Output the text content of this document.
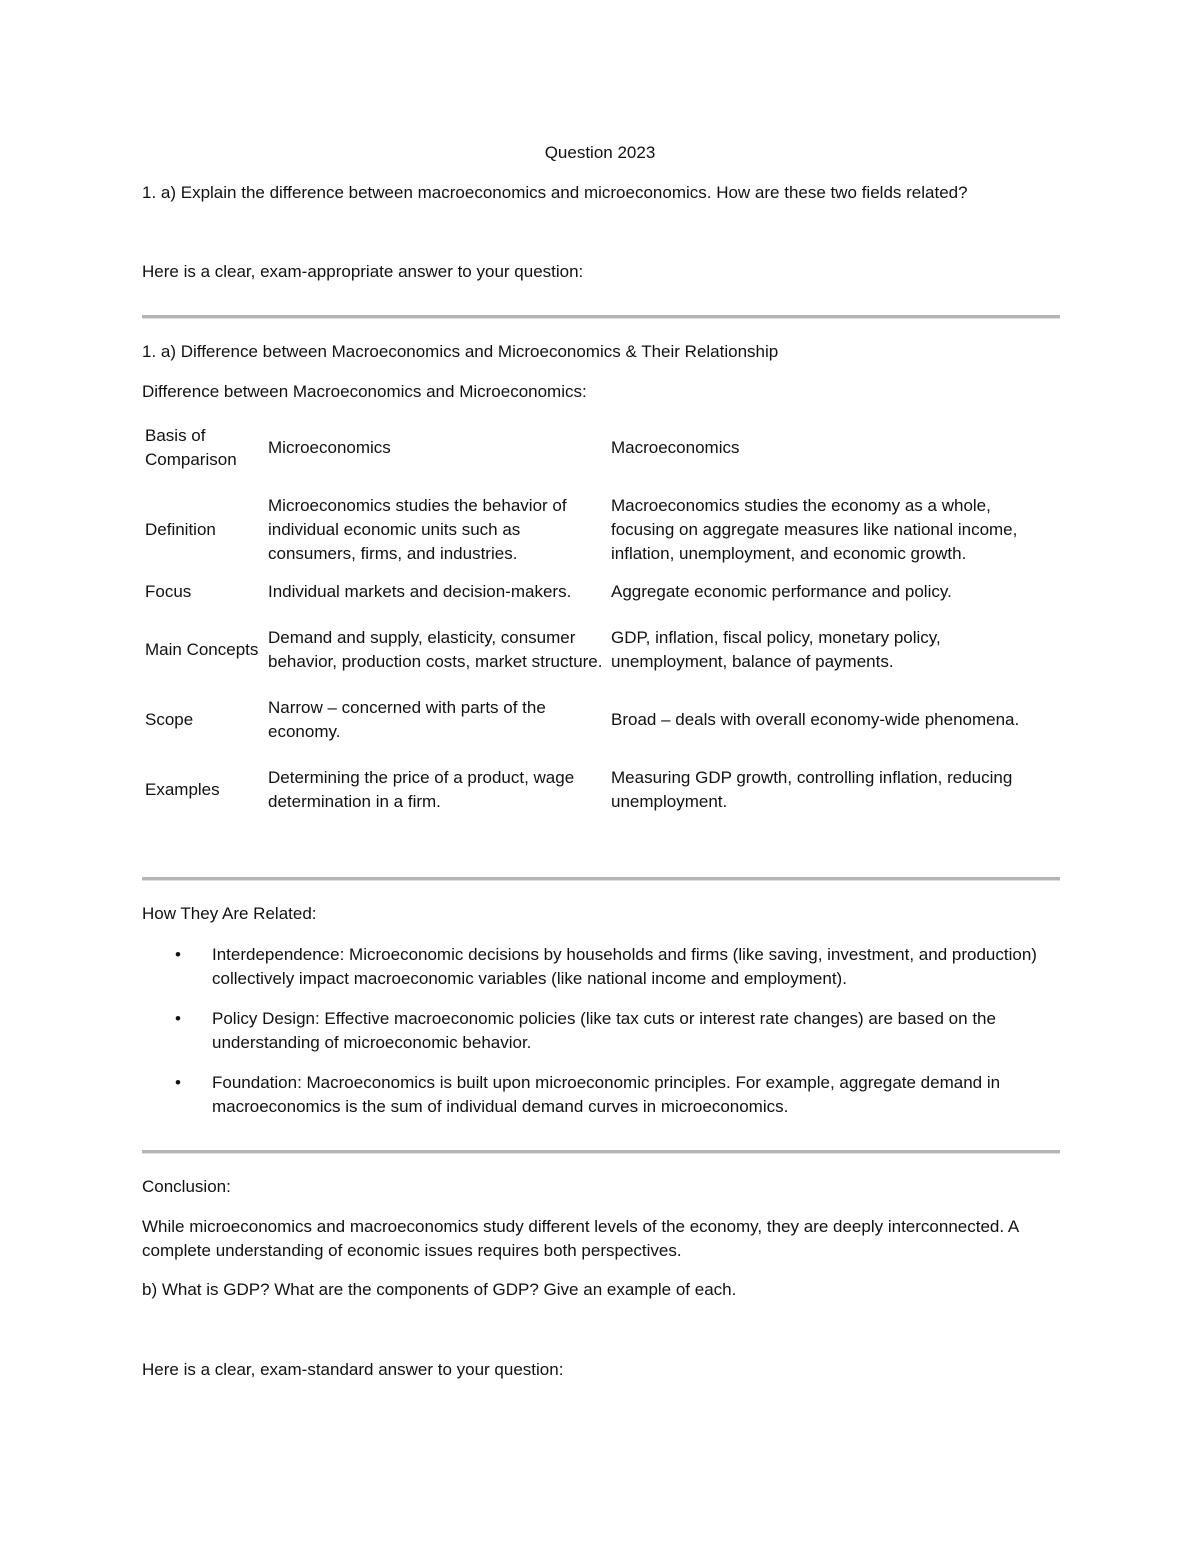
Question 2023

1. a) Explain the difference between macroeconomics and microeconomics. How are these two fields related?

Here is a clear, exam-appropriate answer to your question:

1. a) Difference between Macroeconomics and Microeconomics & Their Relationship

Difference between Macroeconomics and Microeconomics:

Basis of Comparison	Microeconomics	Macroeconomics
Definition	Microeconomics studies the behavior of individual economic units such as consumers, firms, and industries.	Macroeconomics studies the economy as a whole, focusing on aggregate measures like national income, inflation, unemployment, and economic growth.
Focus	Individual markets and decision-makers.	Aggregate economic performance and policy.
Main Concepts	Demand and supply, elasticity, consumer behavior, production costs, market structure.	GDP, inflation, fiscal policy, monetary policy, unemployment, balance of payments.
Scope	Narrow – concerned with parts of the economy.	Broad – deals with overall economy-wide phenomena.
Examples	Determining the price of a product, wage determination in a firm.	Measuring GDP growth, controlling inflation, reducing unemployment.

How They Are Related:

• Interdependence: Microeconomic decisions by households and firms (like saving, investment, and production) collectively impact macroeconomic variables (like national income and employment).
• Policy Design: Effective macroeconomic policies (like tax cuts or interest rate changes) are based on the understanding of microeconomic behavior.
• Foundation: Macroeconomics is built upon microeconomic principles. For example, aggregate demand in macroeconomics is the sum of individual demand curves in microeconomics.

Conclusion:

While microeconomics and macroeconomics study different levels of the economy, they are deeply interconnected. A complete understanding of economic issues requires both perspectives.

b) What is GDP? What are the components of GDP? Give an example of each.

Here is a clear, exam-standard answer to your question:
